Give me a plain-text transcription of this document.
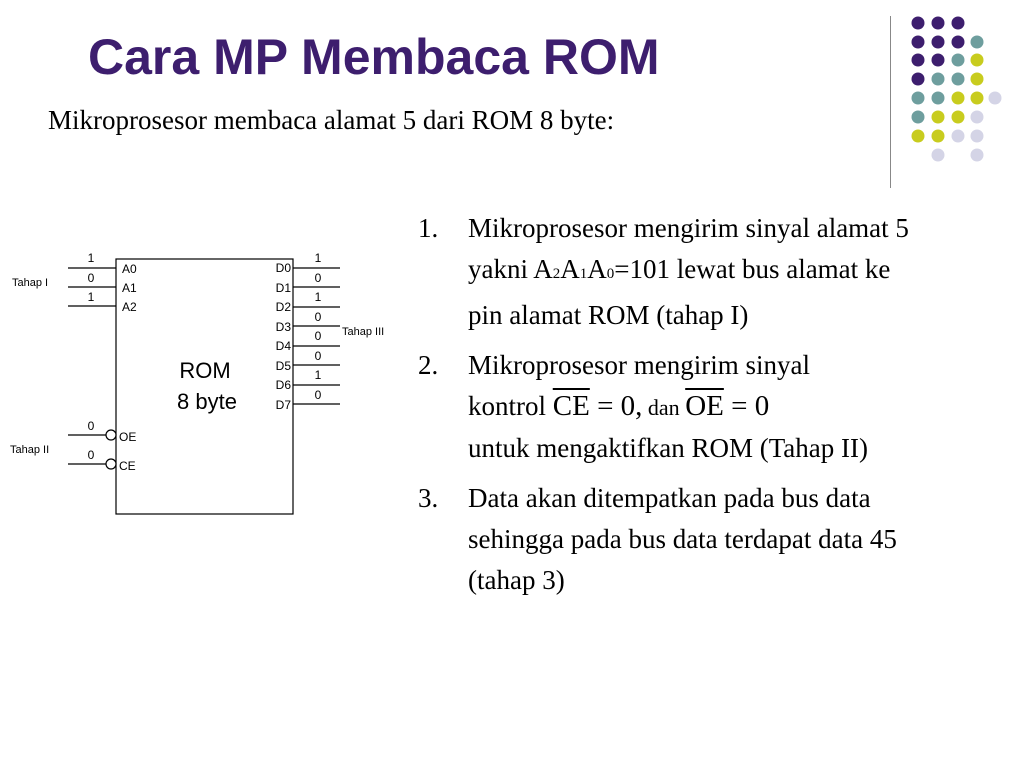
Cara MP Membaca ROM

Mikroprosesor membaca alamat 5 dari ROM 8 byte:

ROM
8 byte
1
0
1
A0
A1
A2
Tahap I
D0
D1
D2
D3
D4
D5
D6
D7
1
0
1
0
0
0
1
0
Tahap III
0
0
OE
CE
Tahap II
1. Mikroprosesor mengirim sinyal alamat 5 yakni A2A1A0=101 lewat bus alamat ke pin alamat ROM (tahap I)
2. Mikroprosesor mengirim sinyal
kontrol $\overline{CE} = 0$, dan $\overline{OE} = 0$
untuk mengaktifkan ROM (Tahap II)
3. Data akan ditempatkan pada bus data sehingga pada bus data terdapat data 45 (tahap 3)
